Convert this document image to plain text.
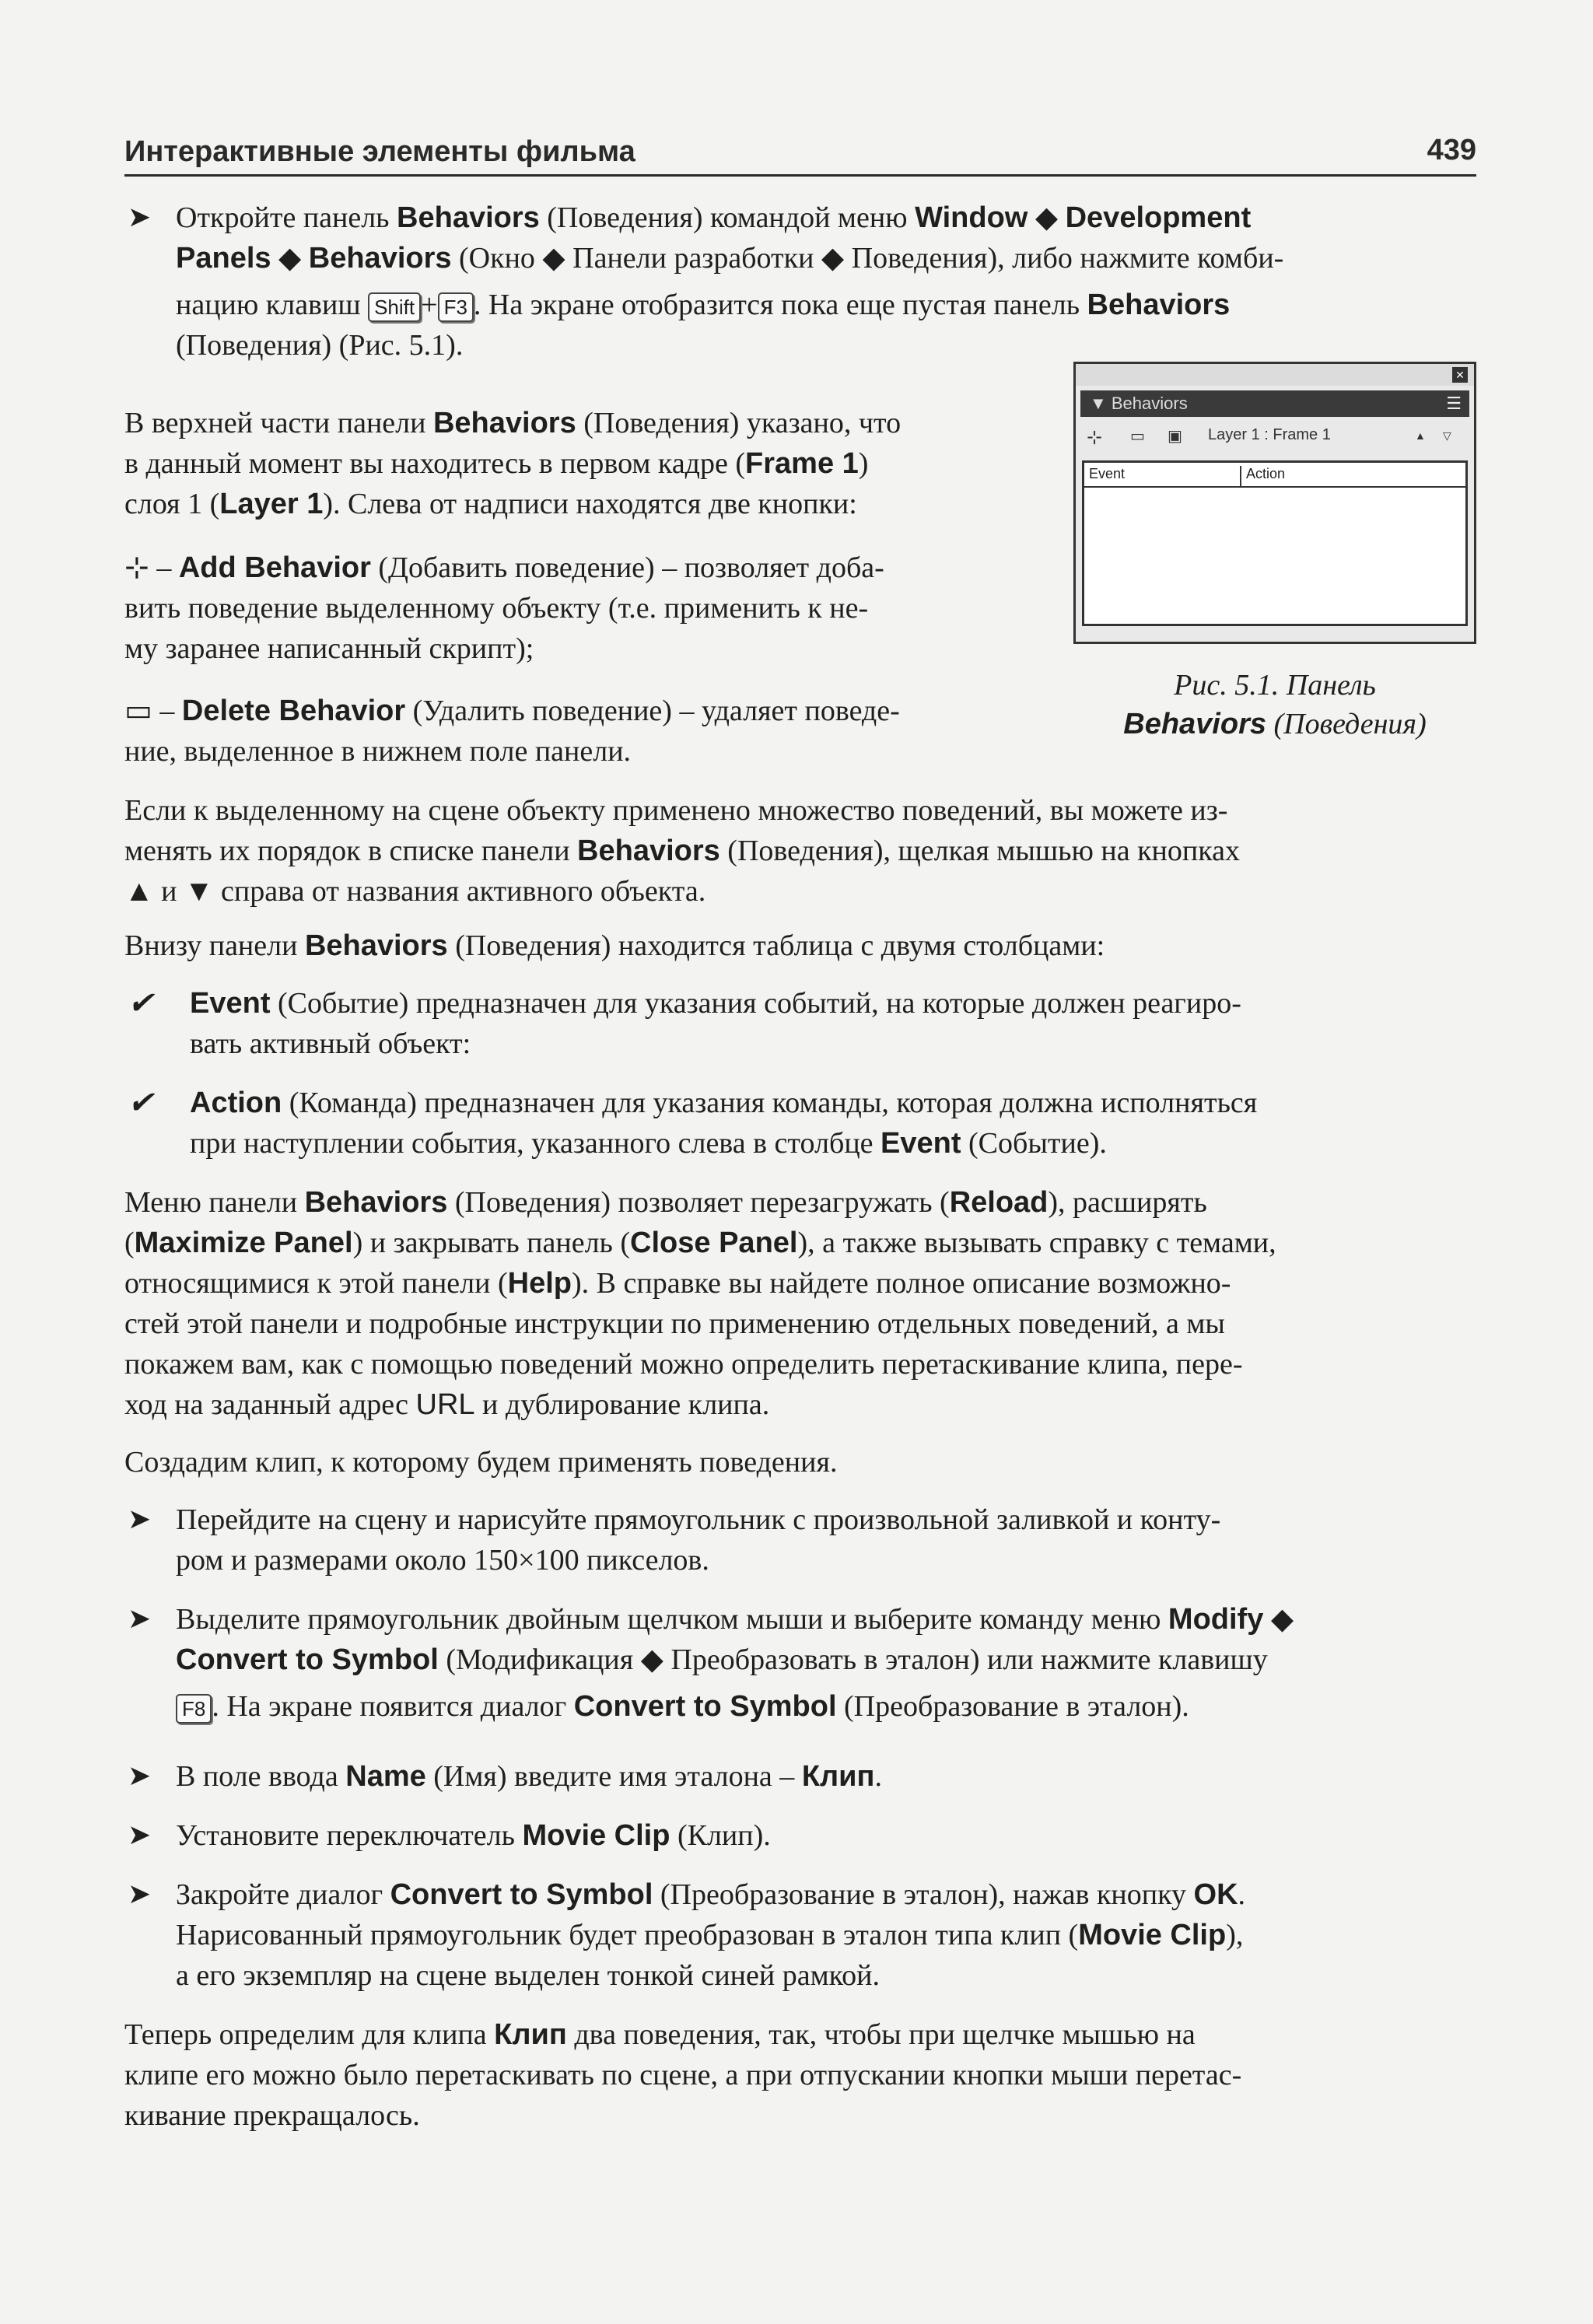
Интерактивные элементы фильма	439
➤ Откройте панель Behaviors (Поведения) командой меню Window ◆ Development
Panels ◆ Behaviors (Окно ◆ Панели разработки ◆ Поведения), либо нажмите комби-
нацию клавиш Shift + F3 . На экране отобразится пока еще пустая панель Behaviors
(Поведения) (Рис. 5.1).
В верхней части панели Behaviors (Поведения) указано, что
в данный момент вы находитесь в первом кадре (Frame 1)
слоя 1 (Layer 1). Слева от надписи находятся две кнопки:
⊹ – Add Behavior (Добавить поведение) – позволяет доба-
вить поведение выделенному объекту (т.е. применить к не-
му заранее написанный скрипт);
▭ – Delete Behavior (Удалить поведение) – удаляет поведе-
ние, выделенное в нижнем поле панели.
✕
▼ Behaviors	☰
⊹ ▭ ▣ Layer 1 : Frame 1	▲ ▽
Event	Action
Рис. 5.1. Панель
Behaviors (Поведения)
Если к выделенному на сцене объекту применено множество поведений, вы можете из-
менять их порядок в списке панели Behaviors (Поведения), щелкая мышью на кнопках
▲ и ▼ справа от названия активного объекта.
Внизу панели Behaviors (Поведения) находится таблица с двумя столбцами:
✔ Event (Событие) предназначен для указания событий, на которые должен реагиро-
вать активный объект:
✔ Action (Команда) предназначен для указания команды, которая должна исполняться
при наступлении события, указанного слева в столбце Event (Событие).
Меню панели Behaviors (Поведения) позволяет перезагружать (Reload), расширять
(Maximize Panel) и закрывать панель (Close Panel), а также вызывать справку с темами,
относящимися к этой панели (Help). В справке вы найдете полное описание возможно-
стей этой панели и подробные инструкции по применению отдельных поведений, а мы
покажем вам, как с помощью поведений можно определить перетаскивание клипа, пере-
ход на заданный адрес URL и дублирование клипа.
Создадим клип, к которому будем применять поведения.
➤ Перейдите на сцену и нарисуйте прямоугольник с произвольной заливкой и конту-
ром и размерами около 150×100 пикселов.
➤ Выделите прямоугольник двойным щелчком мыши и выберите команду меню Modify ◆
Convert to Symbol (Модификация ◆ Преобразовать в эталон) или нажмите клавишу
F8 . На экране появится диалог Convert to Symbol (Преобразование в эталон).
➤ В поле ввода Name (Имя) введите имя эталона – Клип.
➤ Установите переключатель Movie Clip (Клип).
➤ Закройте диалог Convert to Symbol (Преобразование в эталон), нажав кнопку OK.
Нарисованный прямоугольник будет преобразован в эталон типа клип (Movie Clip),
а его экземпляр на сцене выделен тонкой синей рамкой.
Теперь определим для клипа Клип два поведения, так, чтобы при щелчке мышью на
клипе его можно было перетаскивать по сцене, а при отпускании кнопки мыши перетас-
кивание прекращалось.
